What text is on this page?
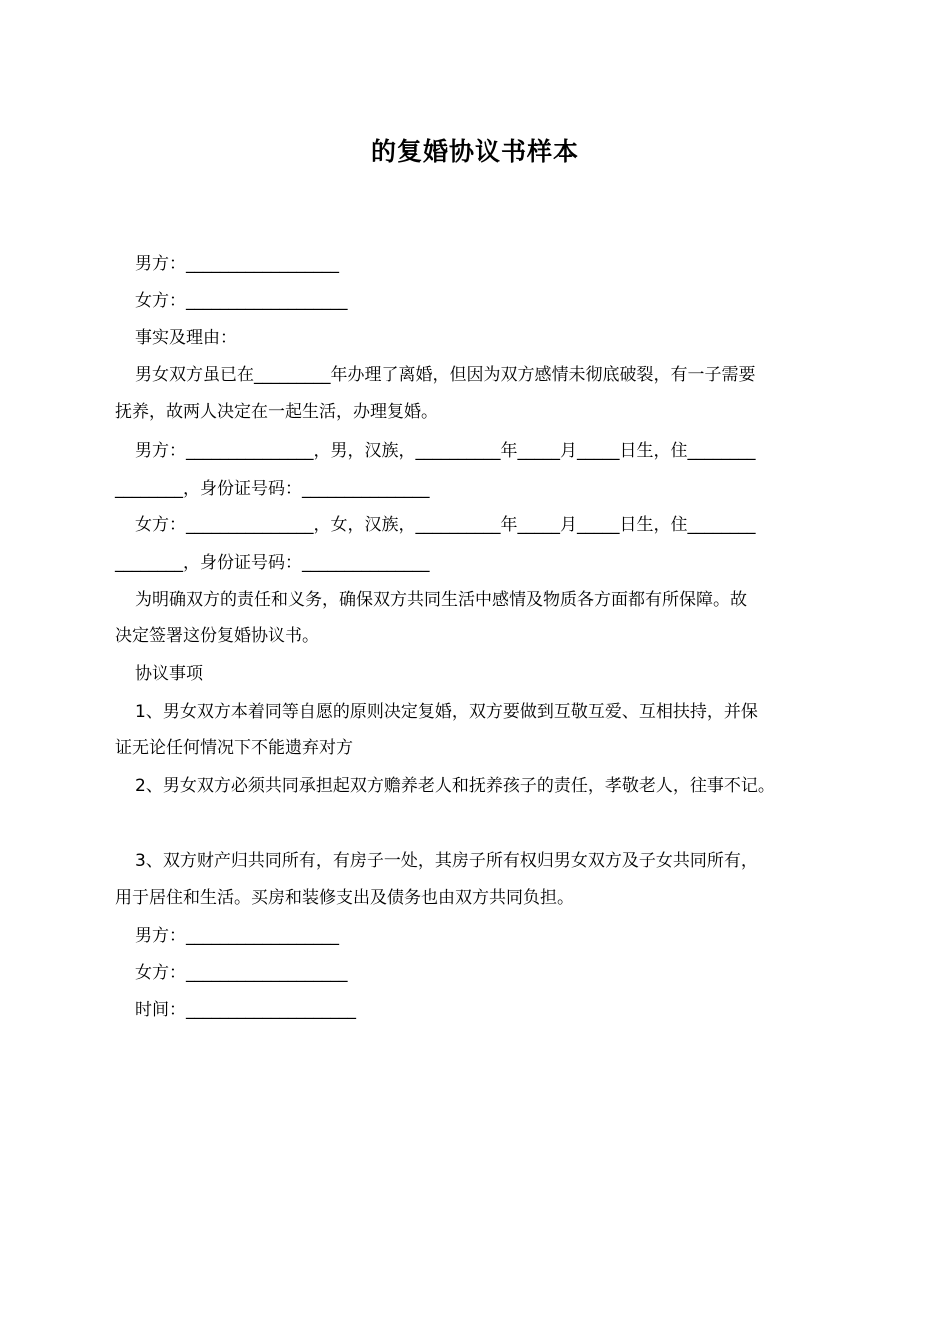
的复婚协议书样本
男方：__________________
女方：___________________
事实及理由：
男女双方虽已在_________年办理了离婚，但因为双方感情未彻底破裂，有一子需要
抚养，故两人决定在一起生活，办理复婚。
男方：_______________，男，汉族，__________年_____月_____日生，住________
________，身份证号码：_______________
女方：_______________，女，汉族，__________年_____月_____日生，住________
________，身份证号码：_______________
为明确双方的责任和义务，确保双方共同生活中感情及物质各方面都有所保障。故
决定签署这份复婚协议书。
协议事项
1、男女双方本着同等自愿的原则决定复婚，双方要做到互敬互爱、互相扶持，并保
证无论任何情况下不能遗弃对方
2、男女双方必须共同承担起双方赡养老人和抚养孩子的责任，孝敬老人，往事不记。
3、双方财产归共同所有，有房子一处，其房子所有权归男女双方及子女共同所有，
用于居住和生活。买房和装修支出及债务也由双方共同负担。
男方：__________________
女方：___________________
时间：____________________
